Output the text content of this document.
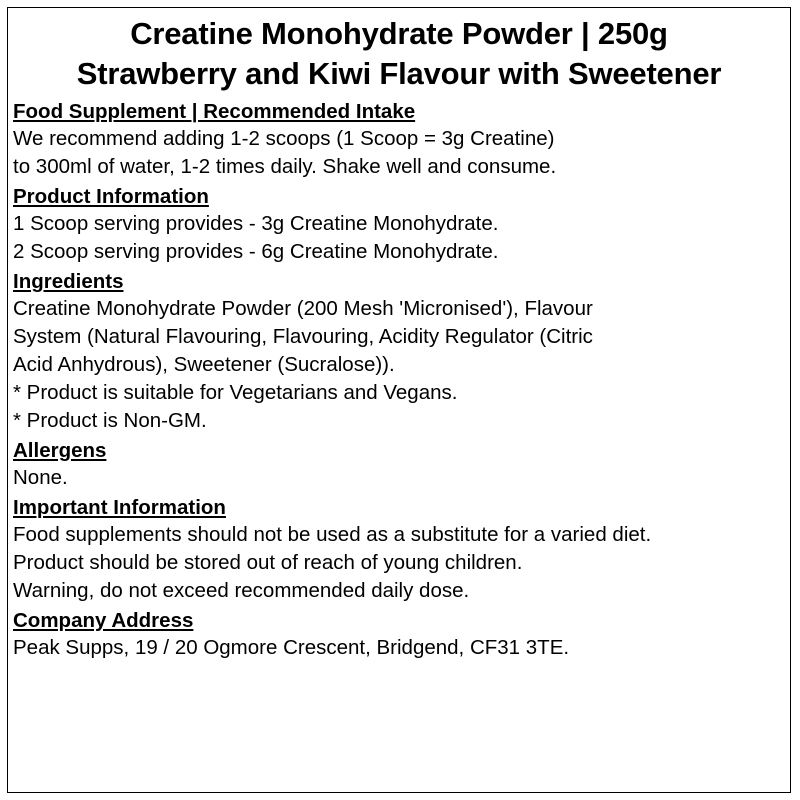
Creatine Monohydrate Powder | 250g
Strawberry and Kiwi Flavour with Sweetener
Food Supplement | Recommended Intake
We recommend adding 1-2 scoops (1 Scoop = 3g Creatine)
to 300ml of water, 1-2 times daily. Shake well and consume.
Product Information
1 Scoop serving provides - 3g Creatine Monohydrate.
2 Scoop serving provides - 6g Creatine Monohydrate.
Ingredients
Creatine Monohydrate Powder (200 Mesh 'Micronised'), Flavour
System (Natural Flavouring, Flavouring, Acidity Regulator (Citric
Acid Anhydrous), Sweetener (Sucralose)).
* Product is suitable for Vegetarians and Vegans.
* Product is Non-GM.
Allergens
None.
Important Information
Food supplements should not be used as a substitute for a varied diet.
Product should be stored out of reach of young children.
Warning, do not exceed recommended daily dose.
Company Address
Peak Supps, 19 / 20 Ogmore Crescent, Bridgend, CF31 3TE.
